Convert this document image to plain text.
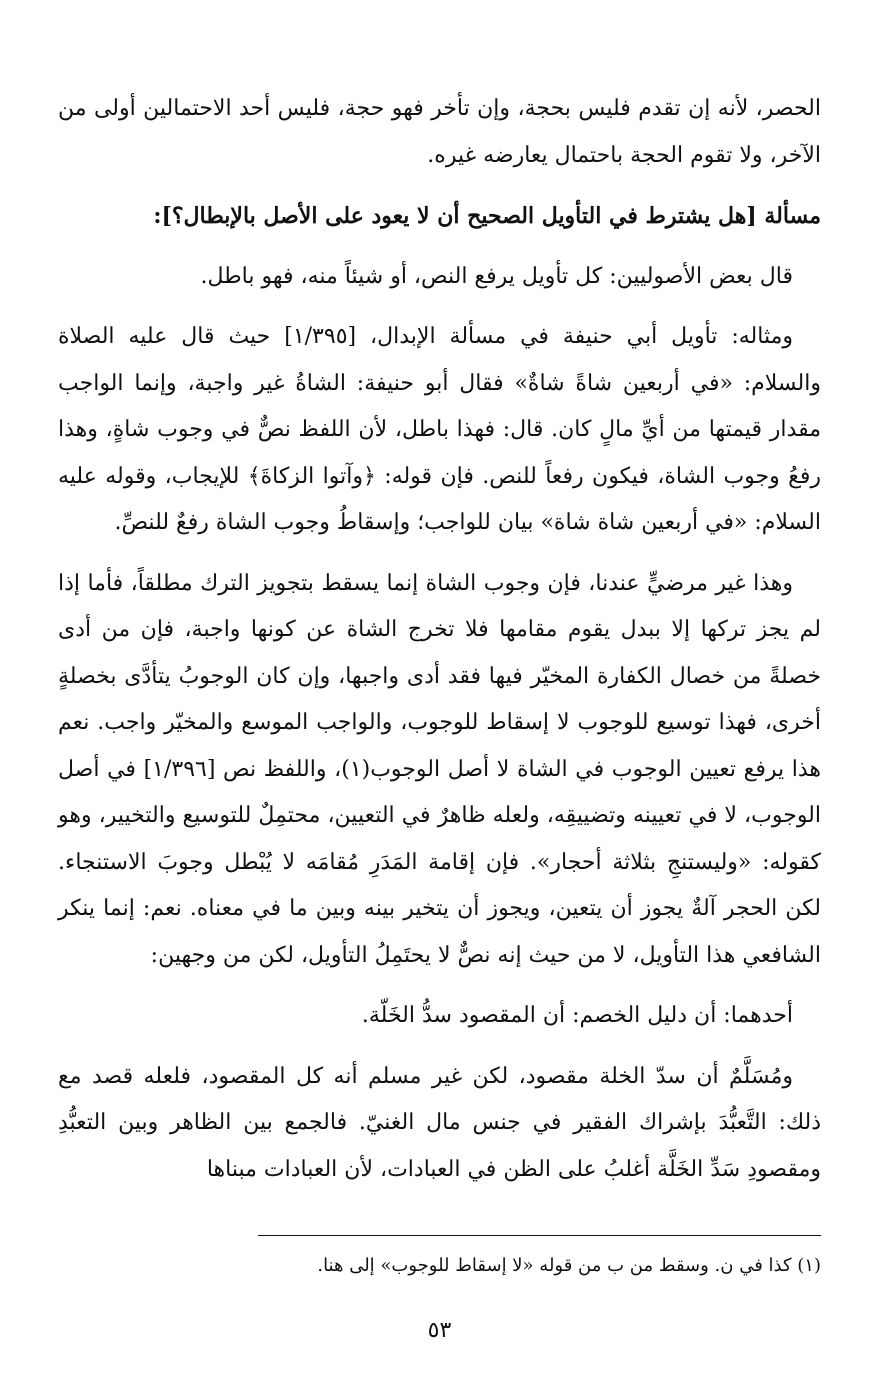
الحصر، لأنه إن تقدم فليس بحجة، وإن تأخر فهو حجة، فليس أحد الاحتمالين أولى من الآخر، ولا تقوم الحجة باحتمال يعارضه غيره.

مسألة [هل يشترط في التأويل الصحيح أن لا يعود على الأصل بالإبطال؟]:

قال بعض الأصوليين: كل تأويل يرفع النص، أو شيئاً منه، فهو باطل.

ومثاله: تأويل أبي حنيفة في مسألة الإبدال، [١/٣٩٥] حيث قال عليه الصلاة والسلام: «في أربعين شاةً شاةٌ» فقال أبو حنيفة: الشاةُ غير واجبة، وإنما الواجب مقدار قيمتها من أيِّ مالٍ كان. قال: فهذا باطل، لأن اللفظ نصٌّ في وجوب شاةٍ، وهذا رفعُ وجوب الشاة، فيكون رفعاً للنص. فإن قوله: ﴿وآتوا الزكاةَ﴾ للإيجاب، وقوله عليه السلام: «في أربعين شاة شاة» بيان للواجب؛ وإسقاطُ وجوب الشاة رفعٌ للنصِّ.

وهذا غير مرضيٍّ عندنا، فإن وجوب الشاة إنما يسقط بتجويز الترك مطلقاً، فأما إذا لم يجز تركها إلا ببدل يقوم مقامها فلا تخرج الشاة عن كونها واجبة، فإن من أدى خصلةً من خصال الكفارة المخيّر فيها فقد أدى واجبها، وإن كان الوجوبُ يتأدَّى بخصلةٍ أخرى، فهذا توسيع للوجوب لا إسقاط للوجوب، والواجب الموسع والمخيّر واجب. نعم هذا يرفع تعيين الوجوب في الشاة لا أصل الوجوب(١)، واللفظ نص [١/٣٩٦] في أصل الوجوب، لا في تعيينه وتضييقِه، ولعله ظاهرٌ في التعيين، محتمِلٌ للتوسيع والتخيير، وهو كقوله: «وليستنجِ بثلاثة أحجار». فإن إقامة المَدَرِ مُقامَه لا يُبْطل وجوبَ الاستنجاء. لكن الحجر آلةٌ يجوز أن يتعين، ويجوز أن يتخير بينه وبين ما في معناه. نعم: إنما ينكر الشافعي هذا التأويل، لا من حيث إنه نصٌّ لا يحتَمِلُ التأويل، لكن من وجهين:

أحدهما: أن دليل الخصم: أن المقصود سدُّ الخَلّة.

ومُسَلَّمٌ أن سدّ الخلة مقصود، لكن غير مسلم أنه كل المقصود، فلعله قصد مع ذلك: التَّعبُّدَ بإشراك الفقير في جنس مال الغنيّ. فالجمع بين الظاهر وبين التعبُّدِ ومقصودِ سَدِّ الخَلَّة أغلبُ على الظن في العبادات، لأن العبادات مبناها

(١) كذا في ن. وسقط من ب من قوله «لا إسقاط للوجوب» إلى هنا.
٥٣
